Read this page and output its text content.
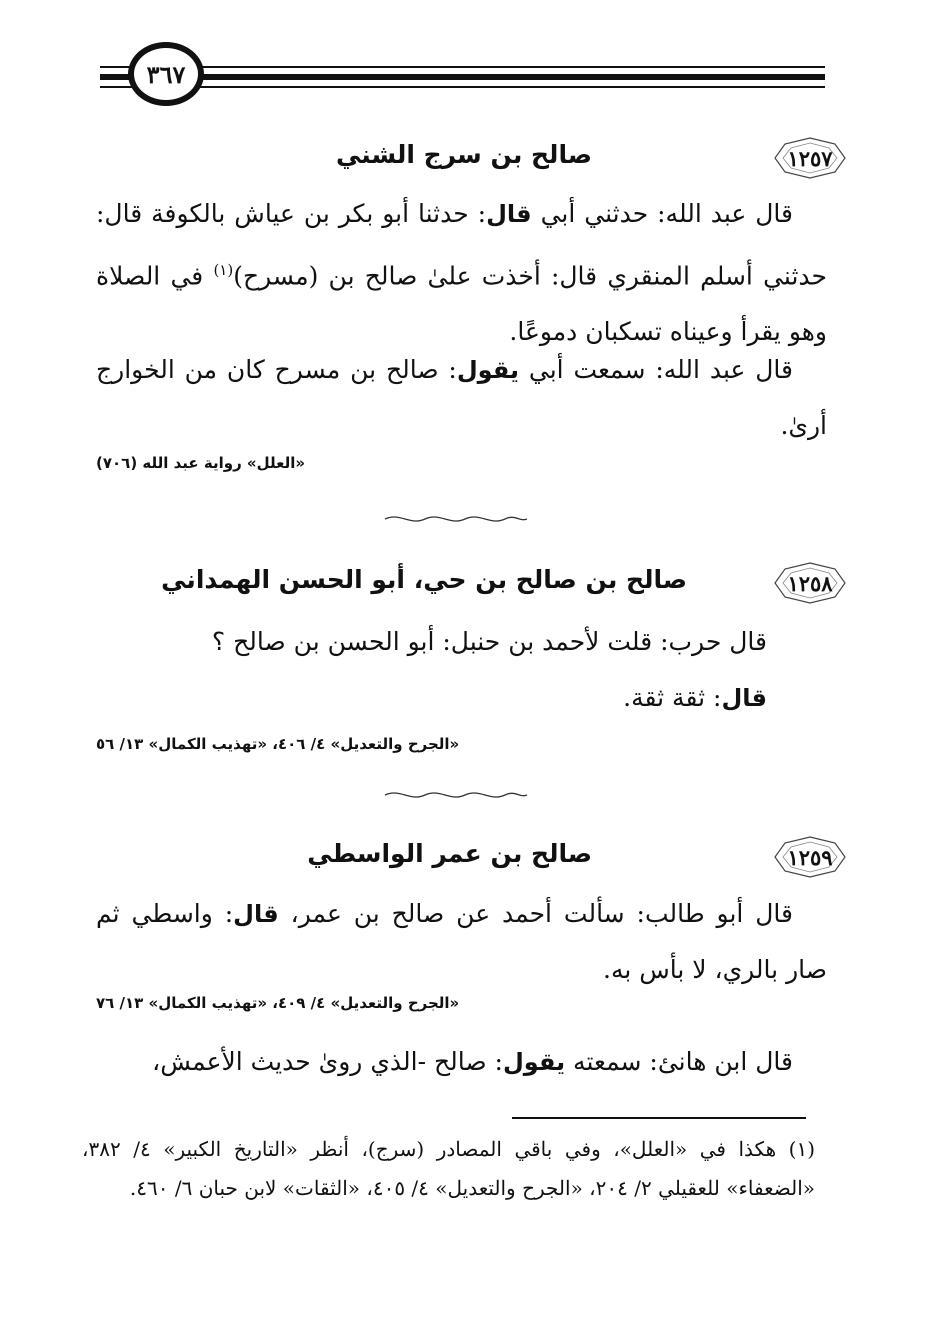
٣٦٧
١٢٥٧
صالح بن سرج الشني
قال عبد الله: حدثني أبي قال: حدثنا أبو بكر بن عياش بالكوفة قال: حدثني أسلم المنقري قال: أخذت علىٰ صالح بن (مسرح)$^{(١)}$ في الصلاة وهو يقرأ وعيناه تسكبان دموعًا.
قال عبد الله: سمعت أبي يقول: صالح بن مسرح كان من الخوارج أرىٰ.
«العلل» رواية عبد الله (٧٠٦)
١٢٥٨
صالح بن صالح بن حي، أبو الحسن الهمداني
قال حرب: قلت لأحمد بن حنبل: أبو الحسن بن صالح ؟
قال: ثقة ثقة.
«الجرح والتعديل» ٤/ ٤٠٦، «تهذيب الكمال» ١٣/ ٥٦
١٢٥٩
صالح بن عمر الواسطي
قال أبو طالب: سألت أحمد عن صالح بن عمر، قال: واسطي ثم صار بالري، لا بأس به.
«الجرح والتعديل» ٤/ ٤٠٩، «تهذيب الكمال» ١٣/ ٧٦
قال ابن هانئ: سمعته يقول: صالح -الذي روىٰ حديث الأعمش،
(١) هكذا في «العلل»، وفي باقي المصادر (سرج)، أنظر «التاريخ الكبير» ٤/ ٣٨٢، «الضعفاء» للعقيلي ٢/ ٢٠٤، «الجرح والتعديل» ٤/ ٤٠٥، «الثقات» لابن حبان ٦/ ٤٦٠.
